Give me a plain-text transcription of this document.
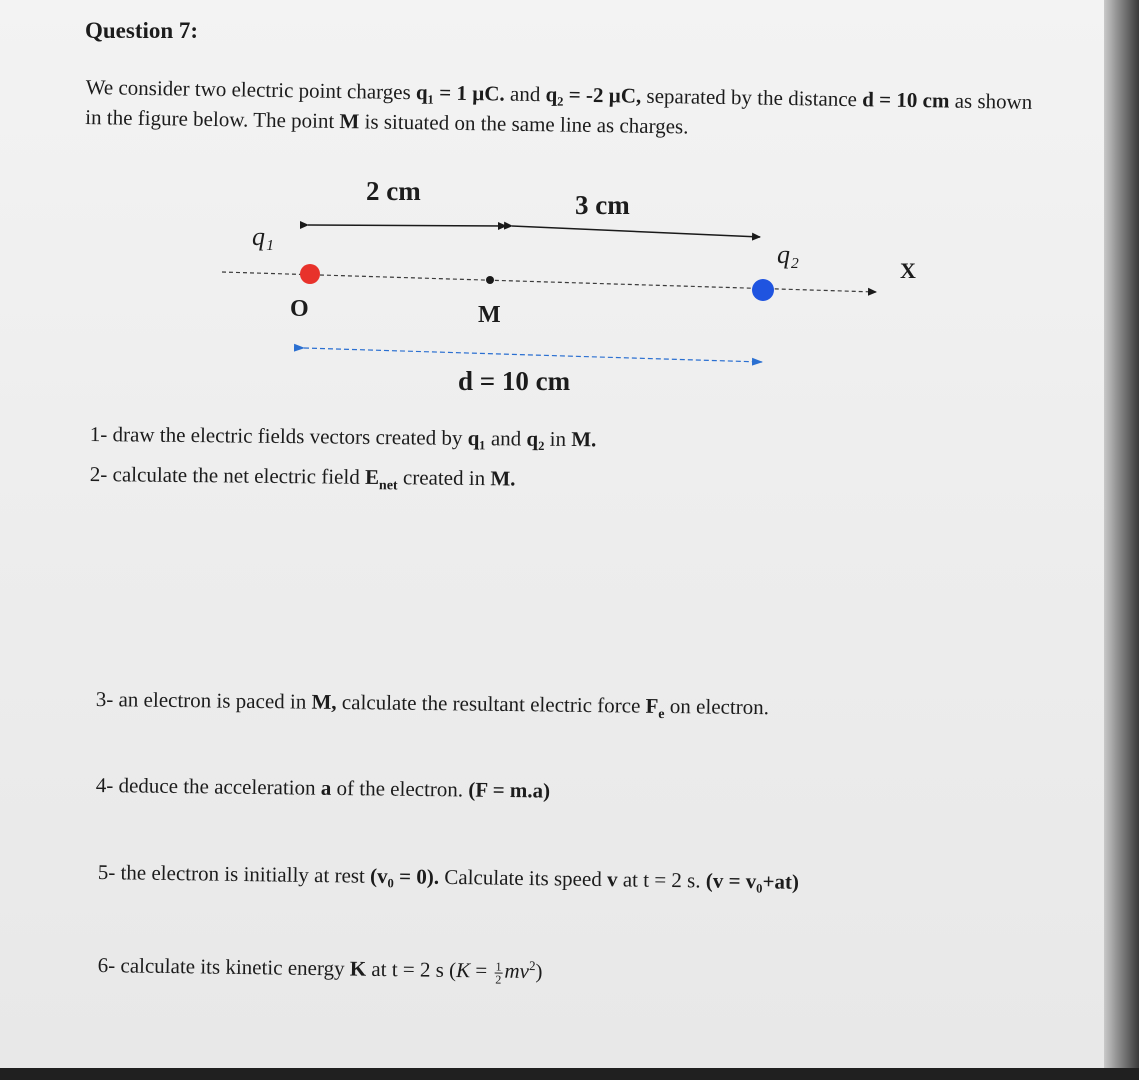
Question 7:
We consider two electric point charges q₁ = 1 µC. and q₂ = -2 µC, separated by the distance d = 10 cm as shown in the figure below. The point M is situated on the same line as charges.
2 cm	3 cm
q₁
q₂
X
O	M
d = 10 cm
1- draw the electric fields vectors created by q₁ and q₂ in M.
2- calculate the net electric field $E_{net}$ created in M.
3- an electron is paced in M, calculate the resultant electric force $F_e$ on electron.
4- deduce the acceleration a of the electron. (F = m.a)
5- the electron is initially at rest (v₀ = 0). Calculate its speed v at t = 2 s. (v = v₀+at)
6- calculate its kinetic energy K at t = 2 s $(K = \frac{1}{2} mv^2)$
